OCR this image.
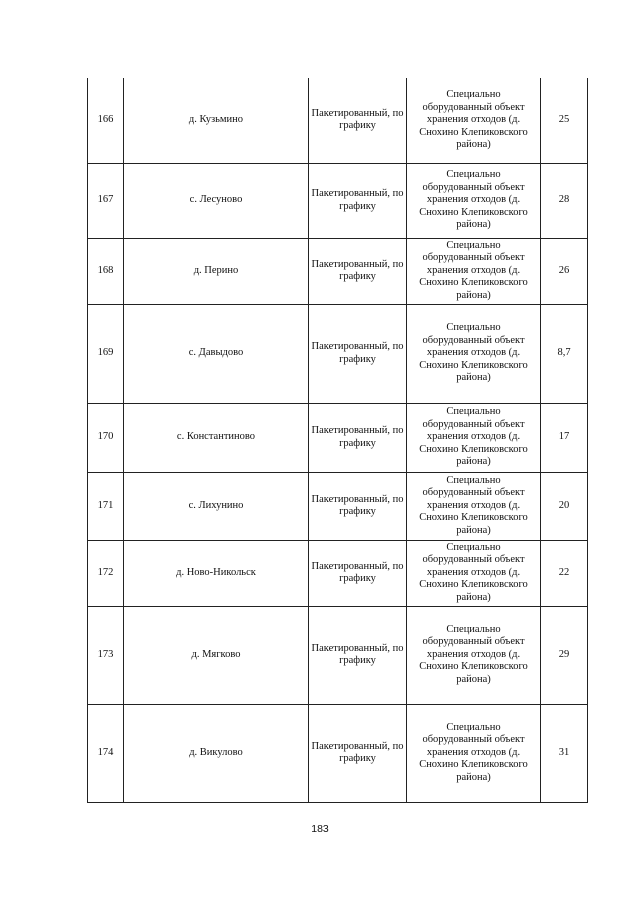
166	д. Кузьмино	Пакетированный, по графику	Специально
оборудованный объект
хранения отходов (д.
Снохино Клепиковского
района)	25
167	с. Лесуново	Пакетированный, по графику	Специально
оборудованный объект
хранения отходов (д.
Снохино Клепиковского
района)	28
168	д. Перино	Пакетированный, по графику	Специально
оборудованный объект
хранения отходов (д.
Снохино Клепиковского
района)	26
169	с. Давыдово	Пакетированный, по графику	Специально
оборудованный объект
хранения отходов (д.
Снохино Клепиковского
района)	8,7
170	с. Константиново	Пакетированный, по графику	Специально
оборудованный объект
хранения отходов (д.
Снохино Клепиковского
района)	17
171	с. Лихунино	Пакетированный, по графику	Специально
оборудованный объект
хранения отходов (д.
Снохино Клепиковского
района)	20
172	д. Ново-Никольск	Пакетированный, по графику	Специально
оборудованный объект
хранения отходов (д.
Снохино Клепиковского
района)	22
173	д. Мягково	Пакетированный, по графику	Специально
оборудованный объект
хранения отходов (д.
Снохино Клепиковского
района)	29
174	д. Викулово	Пакетированный, по графику	Специально
оборудованный объект
хранения отходов (д.
Снохино Клепиковского
района)	31
183
